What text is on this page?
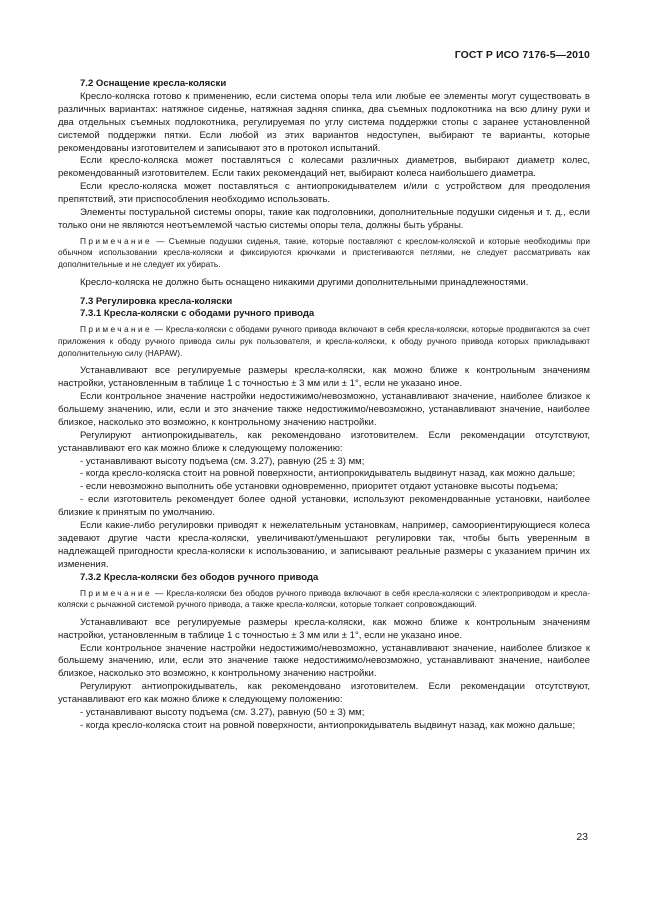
ГОСТ Р ИСО 7176-5—2010

7.2 Оснащение кресла-коляски

Кресло-коляска готово к применению, если система опоры тела или любые ее элементы могут существовать в различных вариантах: натяжное сиденье, натяжная задняя спинка, два съемных подлокотника на всю длину руки и два отдельных съемных подлокотника, регулируемая по углу система поддержки стопы с заранее установленной системой поддержки пятки. Если любой из этих вариантов недоступен, выбирают те варианты, которые рекомендованы изготовителем и записывают это в протокол испытаний.

Если кресло-коляска может поставляться с колесами различных диаметров, выбирают диаметр колес, рекомендованный изготовителем. Если таких рекомендаций нет, выбирают колеса наибольшего диаметра.

Если кресло-коляска может поставляться с антиопрокидывателем и/или с устройством для преодоления препятствий, эти приспособления необходимо использовать.

Элементы постуральной системы опоры, такие как подголовники, дополнительные подушки сиденья и т. д., если только они не являются неотъемлемой частью системы опоры тела, должны быть убраны.

Примечание — Съемные подушки сиденья, такие, которые поставляют с креслом-коляской и которые необходимы при обычном использовании кресла-коляски и фиксируются крючками и пристегиваются петлями, не следует рассматривать как дополнительные и не следует их убирать.

Кресло-коляска не должно быть оснащено никакими другими дополнительными принадлежностями.

7.3 Регулировка кресла-коляски

7.3.1 Кресла-коляски с ободами ручного привода

Примечание — Кресла-коляски с ободами ручного привода включают в себя кресла-коляски, которые продвигаются за счет приложения к ободу ручного привода силы рук пользователя, и кресла-коляски, к ободу ручного привода которых прикладывают дополнительную силу (HAPAW).

Устанавливают все регулируемые размеры кресла-коляски, как можно ближе к контрольным значениям настройки, установленным в таблице 1 с точностью ± 3 мм или ± 1°, если не указано иное.

Если контрольное значение настройки недостижимо/невозможно, устанавливают значение, наиболее близкое к большему значению, или, если и это значение также недостижимо/невозможно, устанавливают значение, наиболее близкое, насколько это возможно, к контрольному значению настройки.

Регулируют антиопрокидыватель, как рекомендовано изготовителем. Если рекомендации отсутствуют, устанавливают его как можно ближе к следующему положению:

- устанавливают высоту подъема (см. 3.27), равную (25 ± 3) мм;

- когда кресло-коляска стоит на ровной поверхности, антиопрокидыватель выдвинут назад, как можно дальше;

- если невозможно выполнить обе установки одновременно, приоритет отдают установке высоты подъема;

- если изготовитель рекомендует более одной установки, используют рекомендованные установки, наиболее близкие к принятым по умолчанию.

Если какие-либо регулировки приводят к нежелательным установкам, например, самоориентирующиеся колеса задевают другие части кресла-коляски, увеличивают/уменьшают регулировки так, чтобы быть уверенным в надлежащей пригодности кресла-коляски к использованию, и записывают реальные размеры с указанием причин их изменения.

7.3.2 Кресла-коляски без ободов ручного привода

Примечание — Кресла-коляски без ободов ручного привода включают в себя кресла-коляски с электроприводом и кресла-коляски с рычажной системой ручного привода, а также кресла-коляски, которые толкает сопровождающий.

Устанавливают все регулируемые размеры кресла-коляски, как можно ближе к контрольным значениям настройки, установленным в таблице 1 с точностью ± 3 мм или ± 1°, если не указано иное.

Если контрольное значение настройки недостижимо/невозможно, устанавливают значение, наиболее близкое к большему значению, или, если это значение также недостижимо/невозможно, устанавливают значение, наиболее близкое, насколько это возможно, к контрольному значению настройки.

Регулируют антиопрокидыватель, как рекомендовано изготовителем. Если рекомендации отсутствуют, устанавливают его как можно ближе к следующему положению:

- устанавливают высоту подъема (см. 3.27), равную (50 ± 3) мм;

- когда кресло-коляска стоит на ровной поверхности, антиопрокидыватель выдвинут назад, как можно дальше;

23
